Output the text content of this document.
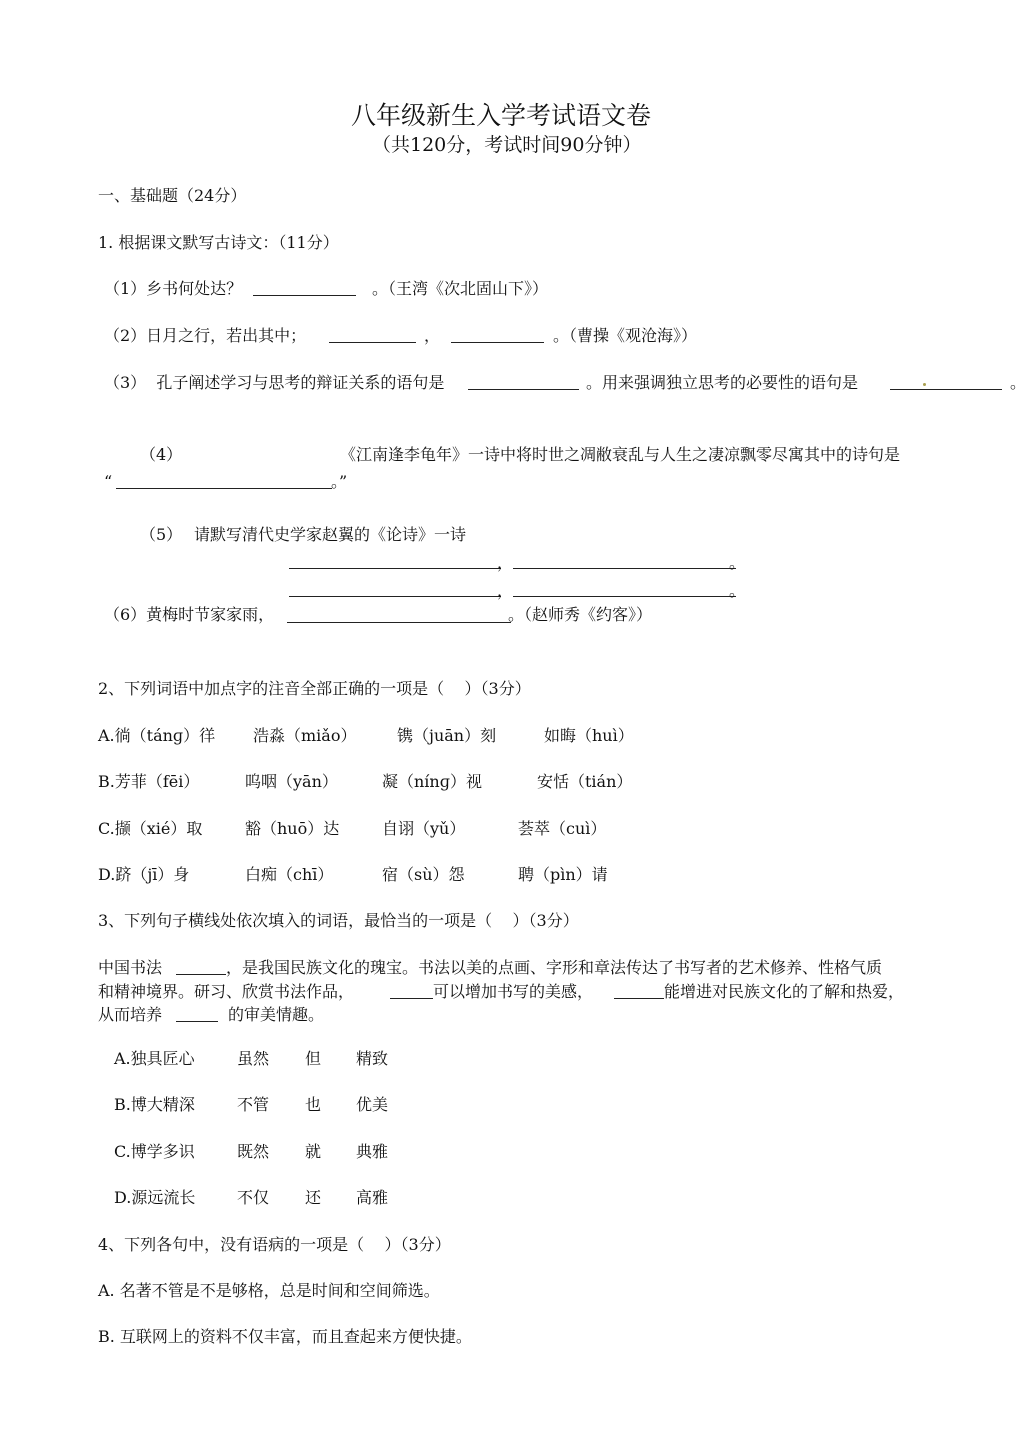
八年级新生入学考试语文卷
（共120分，考试时间90分钟）
一、基础题（24分）
1. 根据课文默写古诗文：（11分）
（1）乡书何处达？	。（王湾《次北固山下》）
（2）日月之行，若出其中；	，	。（曹操《观沧海》）
（3）  孔子阐述学习与思考的辩证关系的语句是	。用来强调独立思考的必要性的语句是	。
（4）	《江南逢李龟年》一诗中将时世之凋敝衰乱与人生之凄凉飘零尽寓其中的诗句是
“	。”
（5） 请默写清代史学家赵翼的《论诗》一诗
，	。
，	。
（6）黄梅时节家家雨，	。（赵师秀《约客》）
2、下列词语中加点字的注音全部正确的一项是（    ）（3分）
A.徜（tánɡ）徉 浩淼（miǎo）	镌（juān）刻	如晦（huì）
B.芳菲（fēi）	呜咽（yān）	凝（nínɡ）视	安恬（tián）
C.撷（xié）取	豁（huō）达	自诩（yǔ）	荟萃（cuì）
D.跻（jī）身	白痴（chī）	宿（sù）怨	聘（pìn）请
3、下列句子横线处依次填入的词语，最恰当的一项是（    ）（3分）
中国书法	，是我国民族文化的瑰宝。书法以美的点画、字形和章法传达了书写者的艺术修养、性格气质
和精神境界。研习、欣赏书法作品，	可以增加书写的美感，	能增进对民族文化的了解和热爱，
从而培养	的审美情趣。
A.独具匠心	虽然 但 精致
B.博大精深	不管 也 优美
C.博学多识	既然 就 典雅
D.源远流长	不仅 还 高雅
4、下列各句中，没有语病的一项是（    ）（3分）
A. 名著不管是不是够格，总是时间和空间筛选。
B. 互联网上的资料不仅丰富，而且查起来方便快捷。
